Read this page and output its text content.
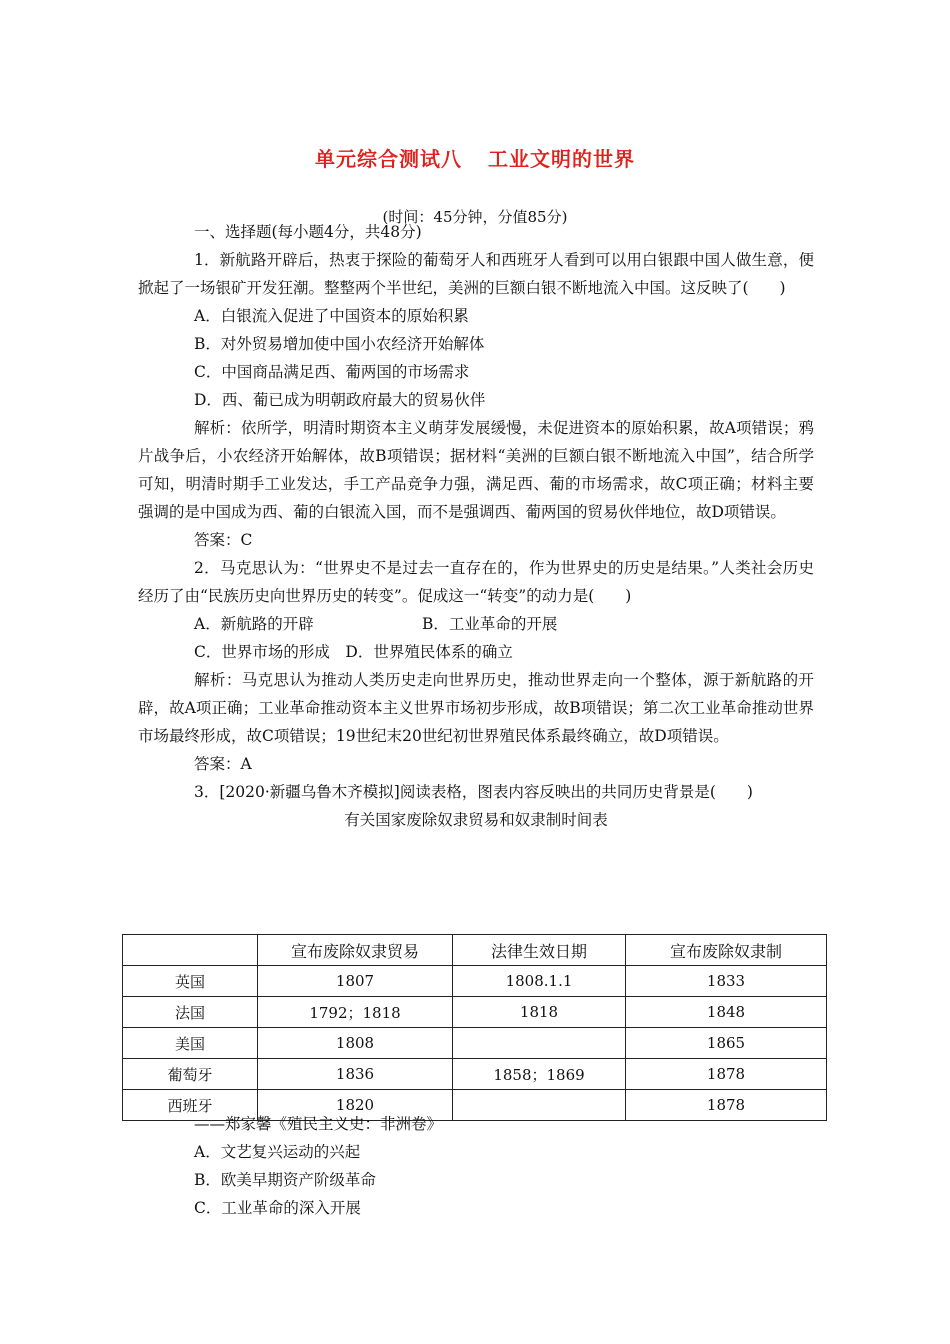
单元综合测试八 工业文明的世界
(时间：45分钟，分值85分)

一、选择题(每小题4分，共48分)

1．新航路开辟后，热衷于探险的葡萄牙人和西班牙人看到可以用白银跟中国人做生意，便掀起了一场银矿开发狂潮。整整两个半世纪，美洲的巨额白银不断地流入中国。这反映了(　　)

A．白银流入促进了中国资本的原始积累

B．对外贸易增加使中国小农经济开始解体

C．中国商品满足西、葡两国的市场需求

D．西、葡已成为明朝政府最大的贸易伙伴

解析：依所学，明清时期资本主义萌芽发展缓慢，未促进资本的原始积累，故A项错误；鸦片战争后，小农经济开始解体，故B项错误；据材料“美洲的巨额白银不断地流入中国”，结合所学可知，明清时期手工业发达，手工产品竞争力强，满足西、葡的市场需求，故C项正确；材料主要强调的是中国成为西、葡的白银流入国，而不是强调西、葡两国的贸易伙伴地位，故D项错误。

答案：C

2．马克思认为：“世界史不是过去一直存在的，作为世界史的历史是结果。”人类社会历史经历了由“民族历史向世界历史的转变”。促成这一“转变”的动力是(　　)

A．新航路的开辟	B．工业革命的开展

C．世界市场的形成　 D．世界殖民体系的确立

解析：马克思认为推动人类历史走向世界历史，推动世界走向一个整体，源于新航路的开辟，故A项正确；工业革命推动资本主义世界市场初步形成，故B项错误；第二次工业革命推动世界市场最终形成，故C项错误；19世纪末20世纪初世界殖民体系最终确立，故D项错误。

答案：A

3．[2020·新疆乌鲁木齐模拟]阅读表格，图表内容反映出的共同历史背景是(　　)

有关国家废除奴隶贸易和奴隶制时间表

	宣布废除奴隶贸易	法律生效日期	宣布废除奴隶制
英国	1807	1808.1.1	1833
法国	1792；1818	1818	1848
美国	1808		1865
葡萄牙	1836	1858；1869	1878
西班牙	1820		1878

——郑家馨《殖民主义史：非洲卷》

A．文艺复兴运动的兴起

B．欧美早期资产阶级革命

C．工业革命的深入开展
